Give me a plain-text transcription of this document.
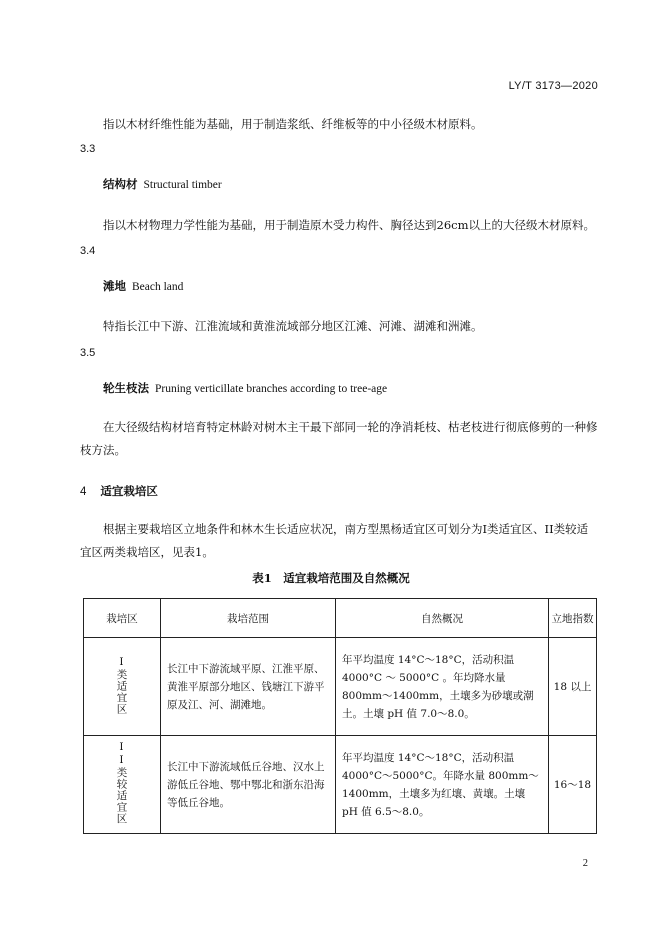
LY/T 3173—2020
指以木材纤维性能为基础，用于制造浆纸、纤维板等的中小径级木材原料。
3.3
结构材 Structural timber
指以木材物理力学性能为基础，用于制造原木受力构件、胸径达到26cm以上的大径级木材原料。
3.4
滩地 Beach land
特指长江中下游、江淮流域和黄淮流域部分地区江滩、河滩、湖滩和洲滩。
3.5
轮生枝法 Pruning verticillate branches according to tree-age
在大径级结构材培育特定林龄对树木主干最下部同一轮的净消耗枝、枯老枝进行彻底修剪的一种修枝方法。
4 适宜栽培区
根据主要栽培区立地条件和林木生长适应状况，南方型黑杨适宜区可划分为I类适宜区、II类较适宜区两类栽培区，见表1。
表1　适宜栽培范围及自然概况
栽培区	栽培范围	自然概况	立地指数
I类适宜区	长江中下游流域平原、江淮平原、黄淮平原部分地区、钱塘江下游平原及江、河、湖滩地。	年平均温度 14°C～18°C，活动积温4000°C ～ 5000°C 。年均降水量800mm～1400mm，土壤多为砂壤或潮土。土壤 pH 值 7.0～8.0。	18 以上
II类较适宜区	长江中下游流域低丘谷地、汉水上游低丘谷地、鄂中鄂北和浙东沿海等低丘谷地。	年平均温度 14°C～18°C，活动积温4000°C～5000°C。年降水量 800mm～1400mm，土壤多为红壤、黄壤。土壤 pH 值 6.5～8.0。	16～18
2
